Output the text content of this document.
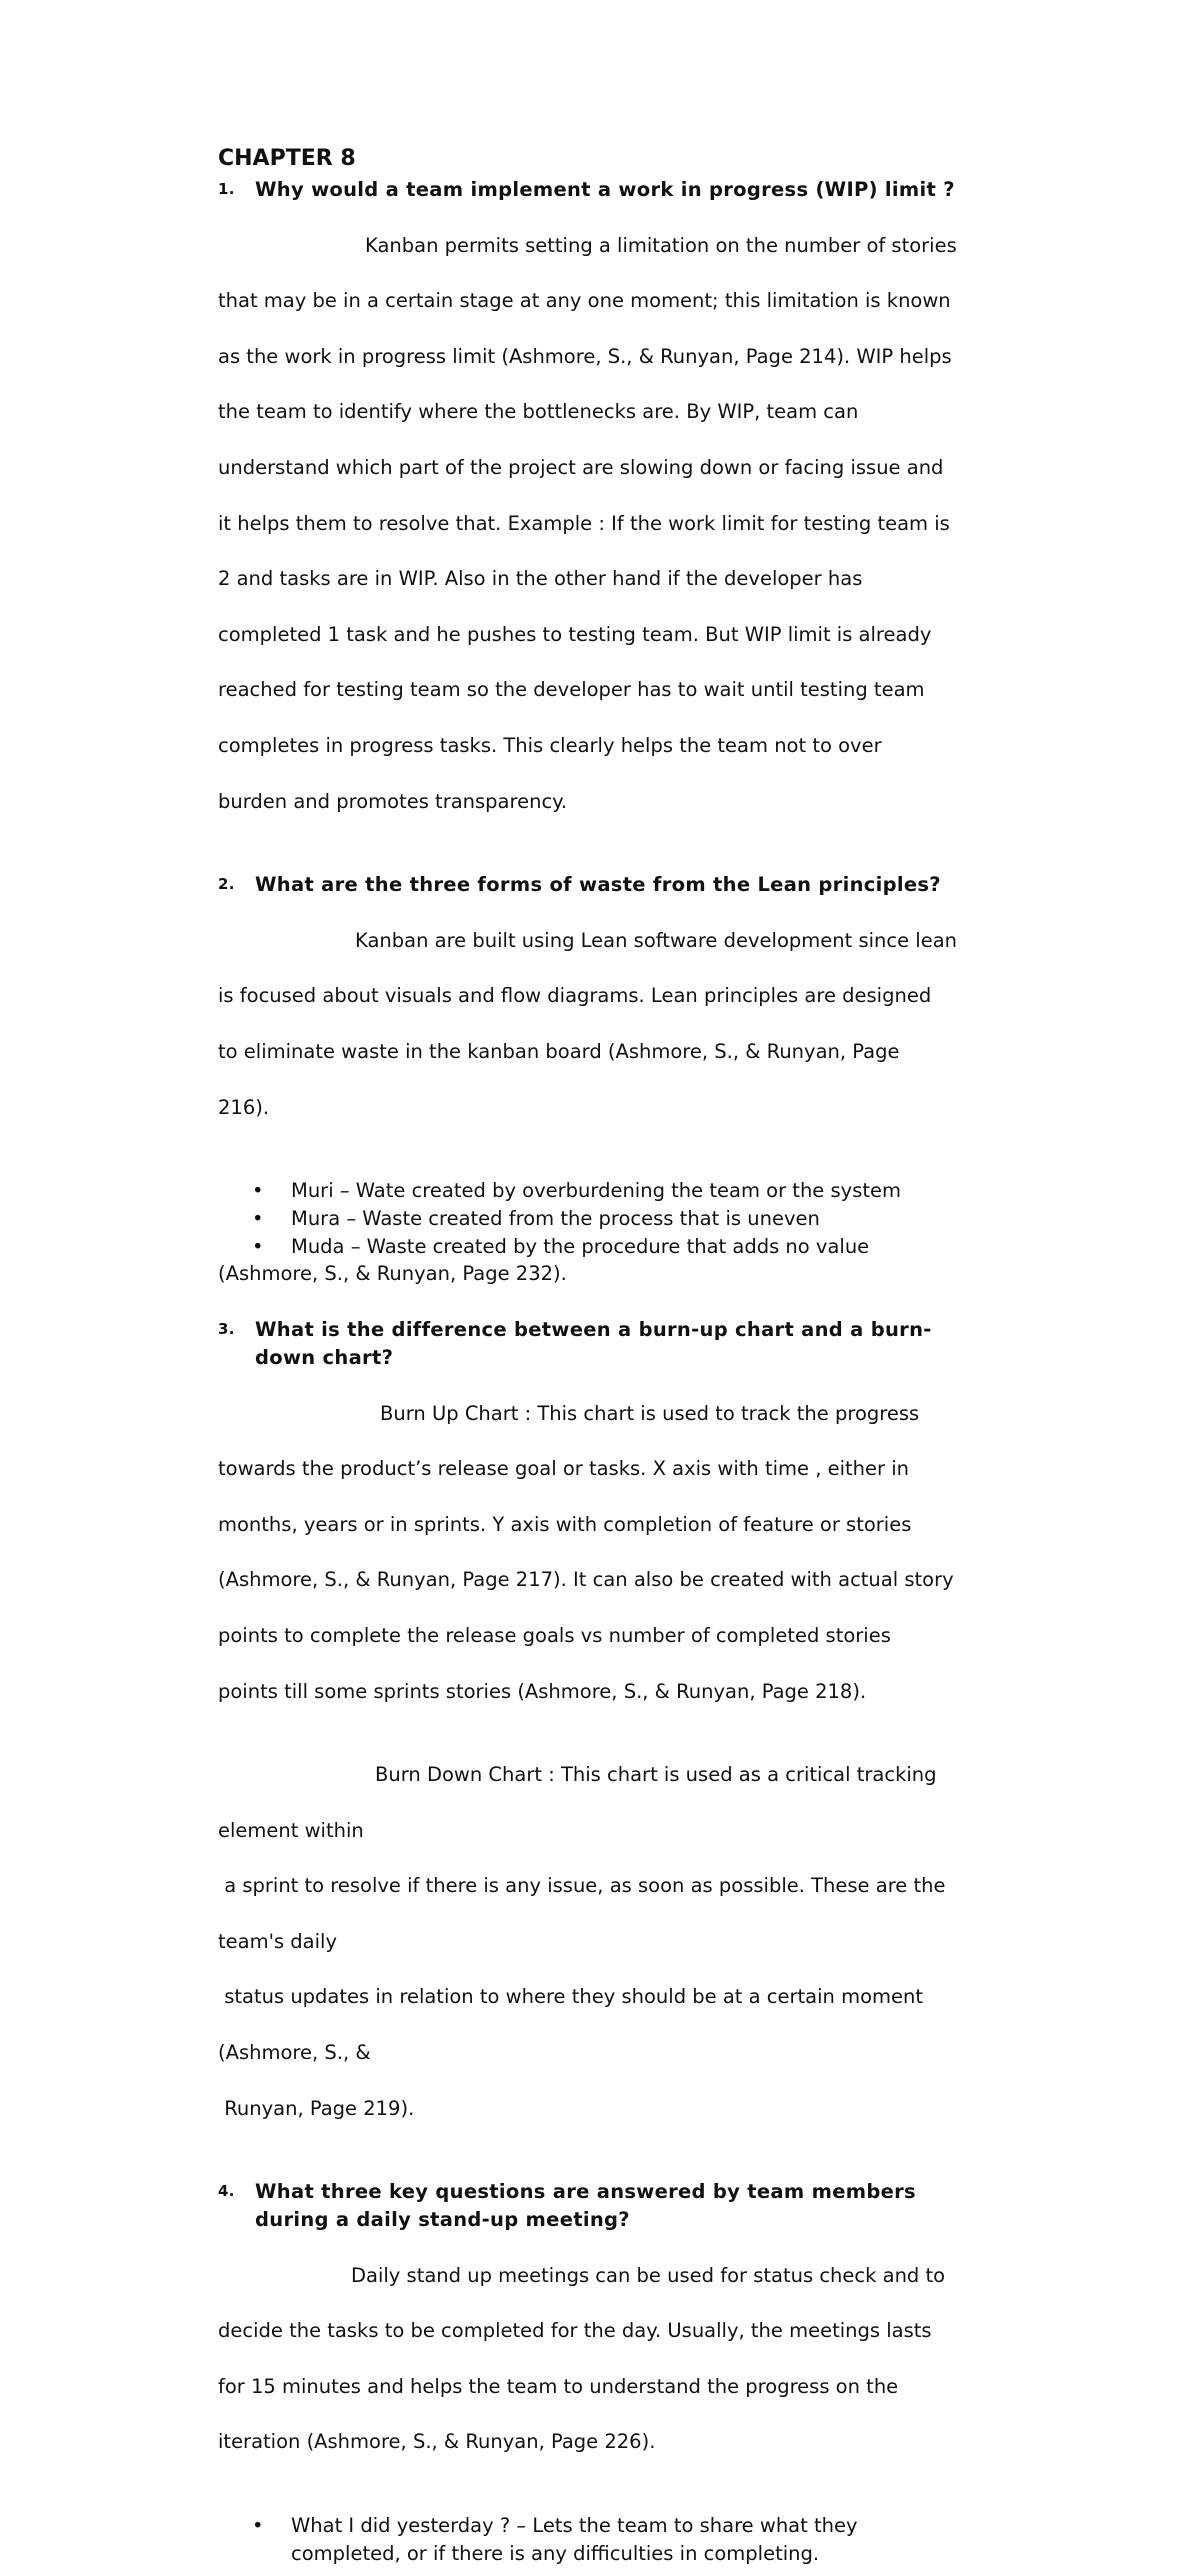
CHAPTER 8

1. Why would a team implement a work in progress (WIP) limit ?

Kanban permits setting a limitation on the number of stories

that may be in a certain stage at any one moment; this limitation is known

as the work in progress limit (Ashmore, S., & Runyan, Page 214). WIP helps

the team to identify where the bottlenecks are. By WIP, team can

understand which part of the project are slowing down or facing issue and

it helps them to resolve that. Example : If the work limit for testing team is

2 and tasks are in WIP. Also in the other hand if the developer has

completed 1 task and he pushes to testing team. But WIP limit is already

reached for testing team so the developer has to wait until testing team

completes in progress tasks. This clearly helps the team not to over

burden and promotes transparency.

2. What are the three forms of waste from the Lean principles?

Kanban are built using Lean software development since lean

is focused about visuals and flow diagrams. Lean principles are designed

to eliminate waste in the kanban board (Ashmore, S., & Runyan, Page

216).

• Muri – Wate created by overburdening the team or the system
• Mura – Waste created from the process that is uneven
• Muda – Waste created by the procedure that adds no value

(Ashmore, S., & Runyan, Page 232).

3. What is the difference between a burn-up chart and a burn-
down chart?

Burn Up Chart : This chart is used to track the progress

towards the product’s release goal or tasks. X axis with time , either in

months, years or in sprints. Y axis with completion of feature or stories

(Ashmore, S., & Runyan, Page 217). It can also be created with actual story

points to complete the release goals vs number of completed stories

points till some sprints stories (Ashmore, S., & Runyan, Page 218).

Burn Down Chart : This chart is used as a critical tracking

element within

a sprint to resolve if there is any issue, as soon as possible. These are the

team's daily

status updates in relation to where they should be at a certain moment

(Ashmore, S., &

Runyan, Page 219).

4. What three key questions are answered by team members
during a daily stand-up meeting?

Daily stand up meetings can be used for status check and to

decide the tasks to be completed for the day. Usually, the meetings lasts

for 15 minutes and helps the team to understand the progress on the

iteration (Ashmore, S., & Runyan, Page 226).

• What I did yesterday ? – Lets the team to share what they completed, or if there is any difficulties in completing.
